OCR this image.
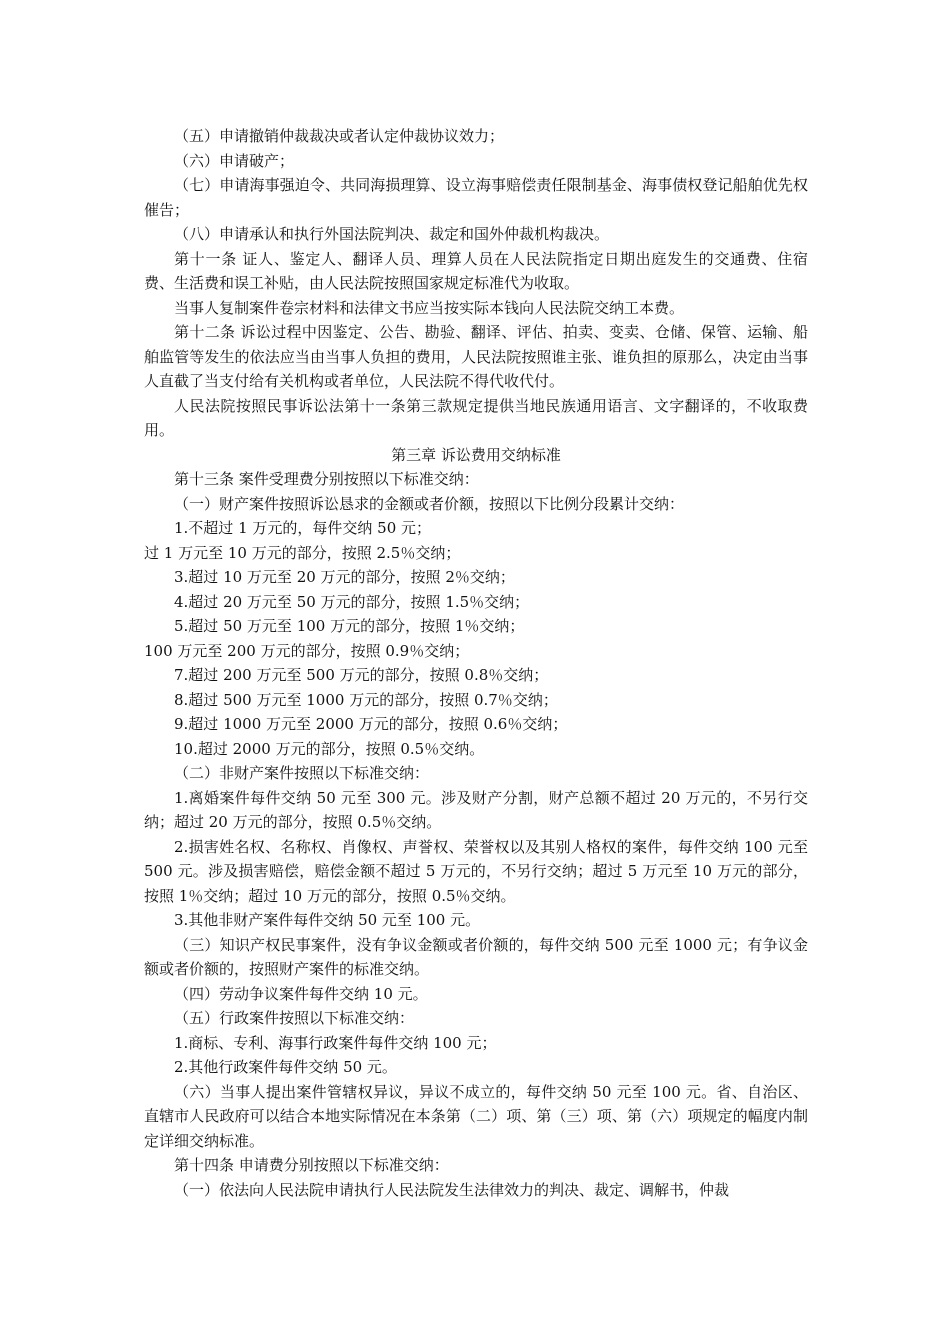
（五）申请撤销仲裁裁决或者认定仲裁协议效力；

（六）申请破产；

（七）申请海事强迫令、共同海损理算、设立海事赔偿责任限制基金、海事债权登记船舶优先权催告；

（八）申请承认和执行外国法院判决、裁定和国外仲裁机构裁决。

第十一条 证人、鉴定人、翻译人员、理算人员在人民法院指定日期出庭发生的交通费、住宿费、生活费和误工补贴，由人民法院按照国家规定标准代为收取。

当事人复制案件卷宗材料和法律文书应当按实际本钱向人民法院交纳工本费。

第十二条 诉讼过程中因鉴定、公告、勘验、翻译、评估、拍卖、变卖、仓储、保管、运输、船舶监管等发生的依法应当由当事人负担的费用，人民法院按照谁主张、谁负担的原那么，决定由当事人直截了当支付给有关机构或者单位，人民法院不得代收代付。

人民法院按照民事诉讼法第十一条第三款规定提供当地民族通用语言、文字翻译的，不收取费用。

第三章 诉讼费用交纳标准

第十三条 案件受理费分别按照以下标准交纳：

（一）财产案件按照诉讼恳求的金额或者价额，按照以下比例分段累计交纳：

1.不超过 1 万元的，每件交纳 50 元；

过 1 万元至 10 万元的部分，按照 2.5％交纳；

3.超过 10 万元至 20 万元的部分，按照 2％交纳；

4.超过 20 万元至 50 万元的部分，按照 1.5％交纳；

5.超过 50 万元至 100 万元的部分，按照 1％交纳；

100 万元至 200 万元的部分，按照 0.9％交纳；

7.超过 200 万元至 500 万元的部分，按照 0.8％交纳；

8.超过 500 万元至 1000 万元的部分，按照 0.7％交纳；

9.超过 1000 万元至 2000 万元的部分，按照 0.6％交纳；

10.超过 2000 万元的部分，按照 0.5％交纳。

（二）非财产案件按照以下标准交纳：

1.离婚案件每件交纳 50 元至 300 元。涉及财产分割，财产总额不超过 20 万元的，不另行交纳；超过 20 万元的部分，按照 0.5％交纳。

2.损害姓名权、名称权、肖像权、声誉权、荣誉权以及其别人格权的案件，每件交纳 100 元至 500 元。涉及损害赔偿，赔偿金额不超过 5 万元的，不另行交纳；超过 5 万元至 10 万元的部分，按照 1％交纳；超过 10 万元的部分，按照 0.5％交纳。

3.其他非财产案件每件交纳 50 元至 100 元。

（三）知识产权民事案件，没有争议金额或者价额的，每件交纳 500 元至 1000 元；有争议金额或者价额的，按照财产案件的标准交纳。

（四）劳动争议案件每件交纳 10 元。

（五）行政案件按照以下标准交纳：

1.商标、专利、海事行政案件每件交纳 100 元；

2.其他行政案件每件交纳 50 元。

（六）当事人提出案件管辖权异议，异议不成立的，每件交纳 50 元至 100 元。省、自治区、直辖市人民政府可以结合本地实际情况在本条第（二）项、第（三）项、第（六）项规定的幅度内制定详细交纳标准。

第十四条 申请费分别按照以下标准交纳：

（一）依法向人民法院申请执行人民法院发生法律效力的判决、裁定、调解书，仲裁
